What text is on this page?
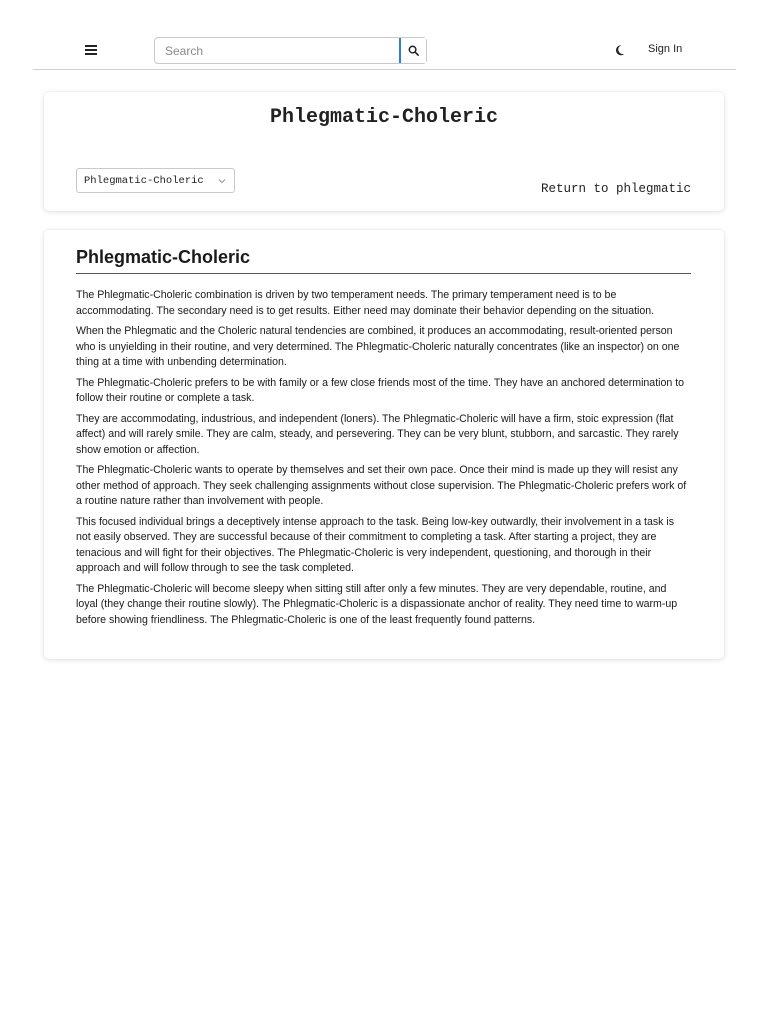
Search
Sign In
Phlegmatic-Choleric
Phlegmatic-Choleric
Return to phlegmatic
Phlegmatic-Choleric

The Phlegmatic-Choleric combination is driven by two temperament needs. The primary temperament need is to be accommodating. The secondary need is to get results. Either need may dominate their behavior depending on the situation.

When the Phlegmatic and the Choleric natural tendencies are combined, it produces an accommodating, result-oriented person who is unyielding in their routine, and very determined. The Phlegmatic-Choleric naturally concentrates (like an inspector) on one thing at a time with unbending determination.

The Phlegmatic-Choleric prefers to be with family or a few close friends most of the time. They have an anchored determination to follow their routine or complete a task.

They are accommodating, industrious, and independent (loners). The Phlegmatic-Choleric will have a firm, stoic expression (flat affect) and will rarely smile. They are calm, steady, and persevering. They can be very blunt, stubborn, and sarcastic. They rarely show emotion or affection.

The Phlegmatic-Choleric wants to operate by themselves and set their own pace. Once their mind is made up they will resist any other method of approach. They seek challenging assignments without close supervision. The Phlegmatic-Choleric prefers work of a routine nature rather than involvement with people.

This focused individual brings a deceptively intense approach to the task. Being low-key outwardly, their involvement in a task is not easily observed. They are successful because of their commitment to completing a task. After starting a project, they are tenacious and will fight for their objectives. The Phlegmatic-Choleric is very independent, questioning, and thorough in their approach and will follow through to see the task completed.

The Phlegmatic-Choleric will become sleepy when sitting still after only a few minutes. They are very dependable, routine, and loyal (they change their routine slowly). The Phlegmatic-Choleric is a dispassionate anchor of reality. They need time to warm-up before showing friendliness. The Phlegmatic-Choleric is one of the least frequently found patterns.
